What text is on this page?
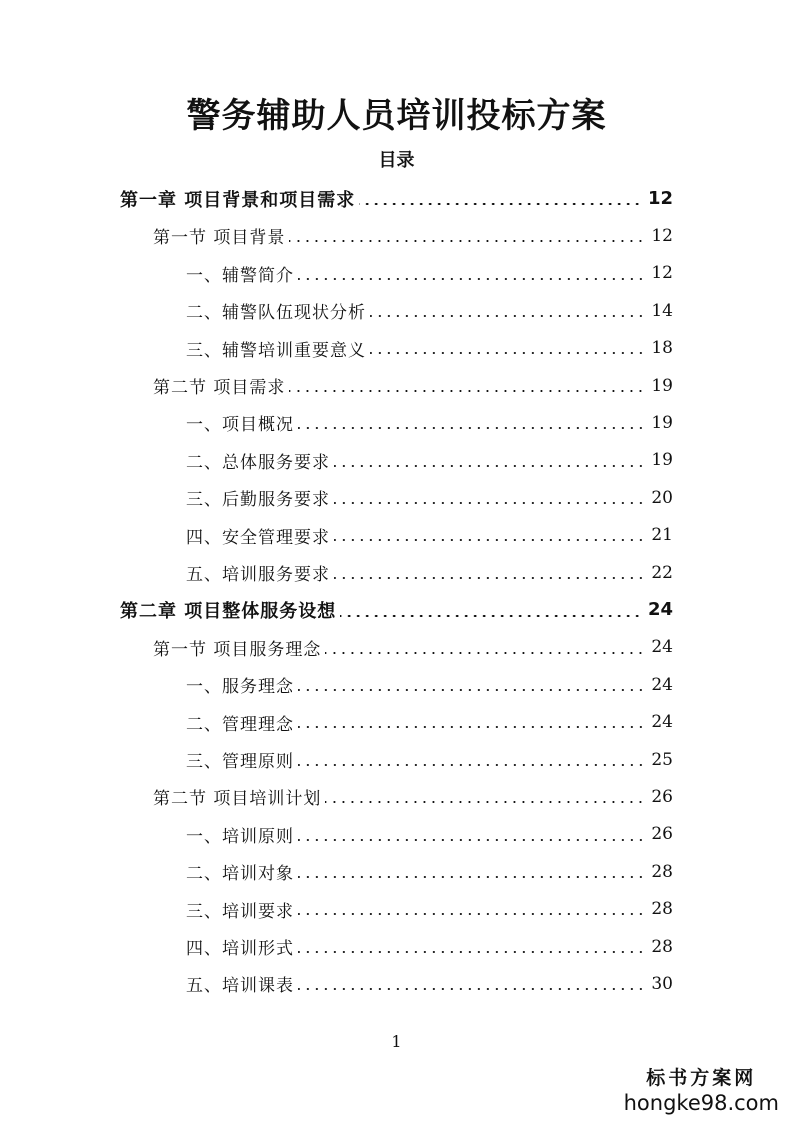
警务辅助人员培训投标方案
目录
第一章 项目背景和项目需求	12
第一节 项目背景	12
一、辅警简介	12
二、辅警队伍现状分析	14
三、辅警培训重要意义	18
第二节 项目需求	19
一、项目概况	19
二、总体服务要求	19
三、后勤服务要求	20
四、安全管理要求	21
五、培训服务要求	22
第二章 项目整体服务设想	24
第一节 项目服务理念	24
一、服务理念	24
二、管理理念	24
三、管理原则	25
第二节 项目培训计划	26
一、培训原则	26
二、培训对象	28
三、培训要求	28
四、培训形式	28
五、培训课表	30
1
标书方案网
hongke98.com
